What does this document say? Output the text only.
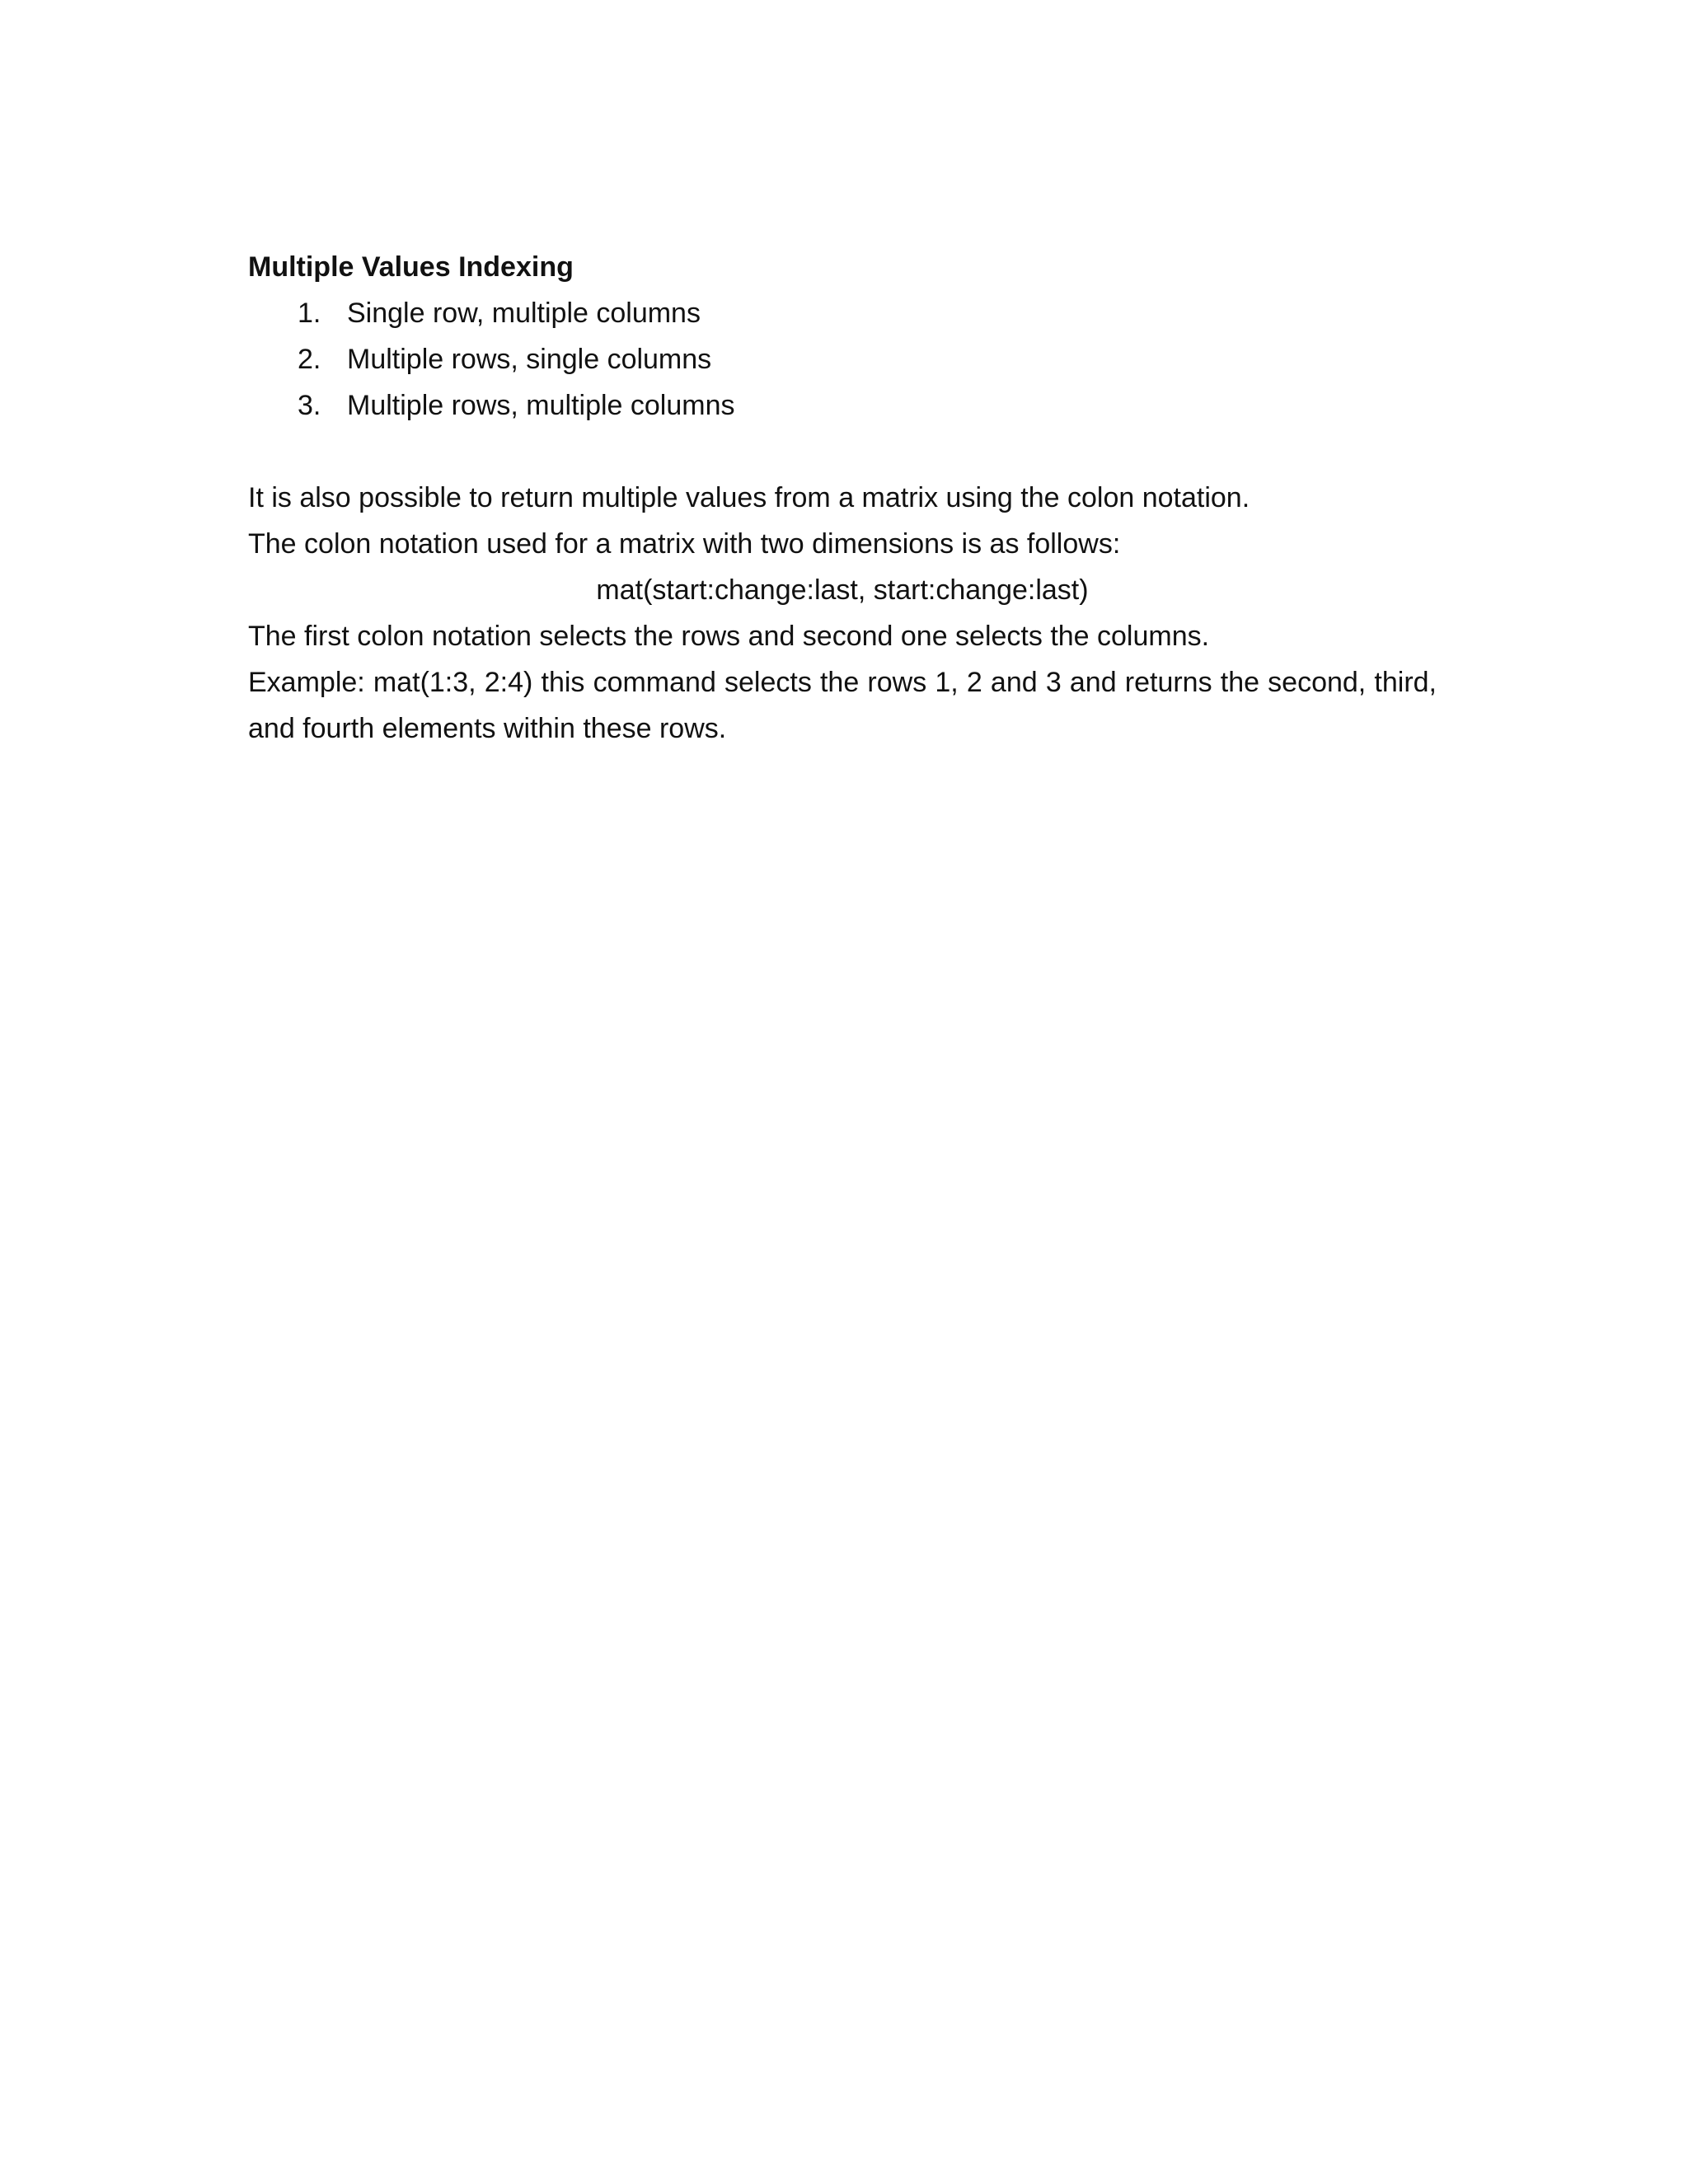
Multiple Values Indexing

1. Single row, multiple columns
2. Multiple rows, single columns
3. Multiple rows, multiple columns

It is also possible to return multiple values from a matrix using the colon notation.

The colon notation used for a matrix with two dimensions is as follows:

mat(start:change:last, start:change:last)

The first colon notation selects the rows and second one selects the columns.

Example: mat(1:3, 2:4) this command selects the rows 1, 2 and 3 and returns the second, third, and fourth elements within these rows.
